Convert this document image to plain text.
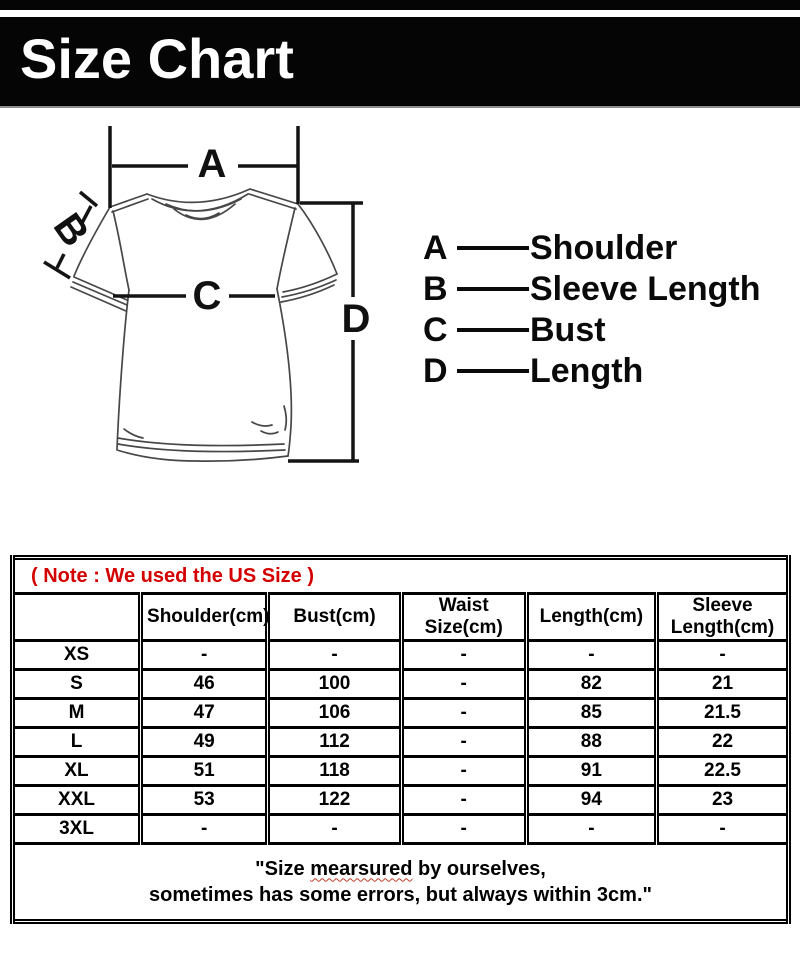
Size Chart
A
B
C
D
A Shoulder
B Sleeve Length
C Bust
D Length
( Note : We used the US Size )					
	Shoulder(cm)	Bust(cm)	Waist Size(cm)	Length(cm)	Sleeve Length(cm)
XS	-	-	-	-	-
S	46	100	-	82	21
M	47	106	-	85	21.5
L	49	112	-	88	22
XL	51	118	-	91	22.5
XXL	53	122	-	94	23
3XL	-	-	-	-	-

"Size mearsured by ourselves,
sometimes has some errors, but always within 3cm."					
